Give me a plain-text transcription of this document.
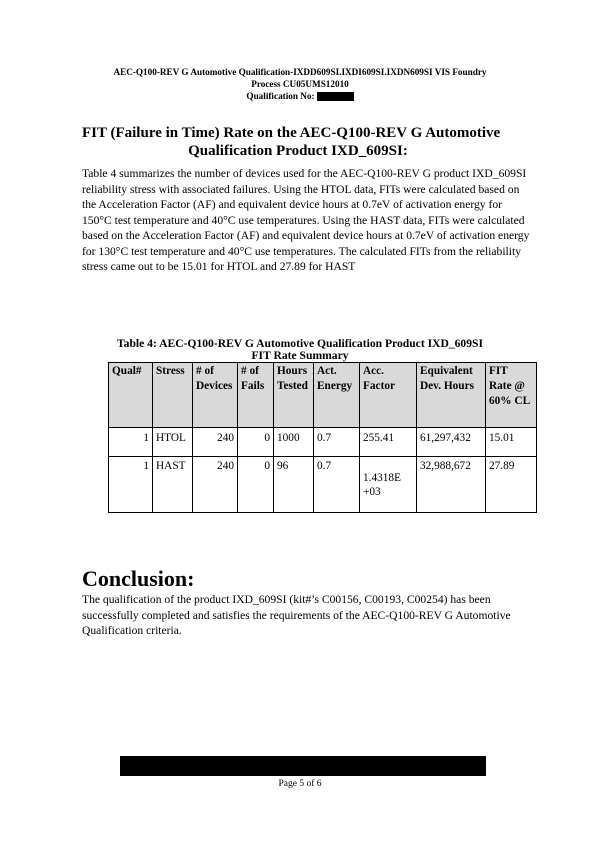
AEC-Q100-REV G Automotive Qualification-IXDD609SI.IXDI609SI.IXDN609SI VIS Foundry
Process CU05UMS12010
Qualification No:
FIT (Failure in Time) Rate on the AEC-Q100-REV G Automotive
Qualification Product IXD_609SI:
Table 4 summarizes the number of devices used for the AEC-Q100-REV G product IXD_609SI reliability stress with associated failures. Using the HTOL data, FITs were calculated based on the Acceleration Factor (AF) and equivalent device hours at 0.7eV of activation energy for 150°C test temperature and 40°C use temperatures. Using the HAST data, FITs were calculated based on the Acceleration Factor (AF) and equivalent device hours at 0.7eV of activation energy for 130°C test temperature and 40°C use temperatures. The calculated FITs from the reliability stress came out to be 15.01 for HTOL and 27.89 for HAST
Table 4: AEC-Q100-REV G Automotive Qualification Product IXD_609SI
FIT Rate Summary
Qual#	Stress	# of Devices	# of Fails	Hours Tested	Act. Energy	Acc. Factor	Equivalent Dev. Hours	FIT Rate @ 60% CL
1	HTOL	240	0	1000	0.7	255.41	61,297,432	15.01
1	HAST	240	0	96	0.7	1.4318E +03	32,988,672	27.89
Conclusion:
The qualification of the product IXD_609SI (kit#’s C00156, C00193, C00254) has been successfully completed and satisfies the requirements of the AEC-Q100-REV G Automotive Qualification criteria.
Page 5 of 6
